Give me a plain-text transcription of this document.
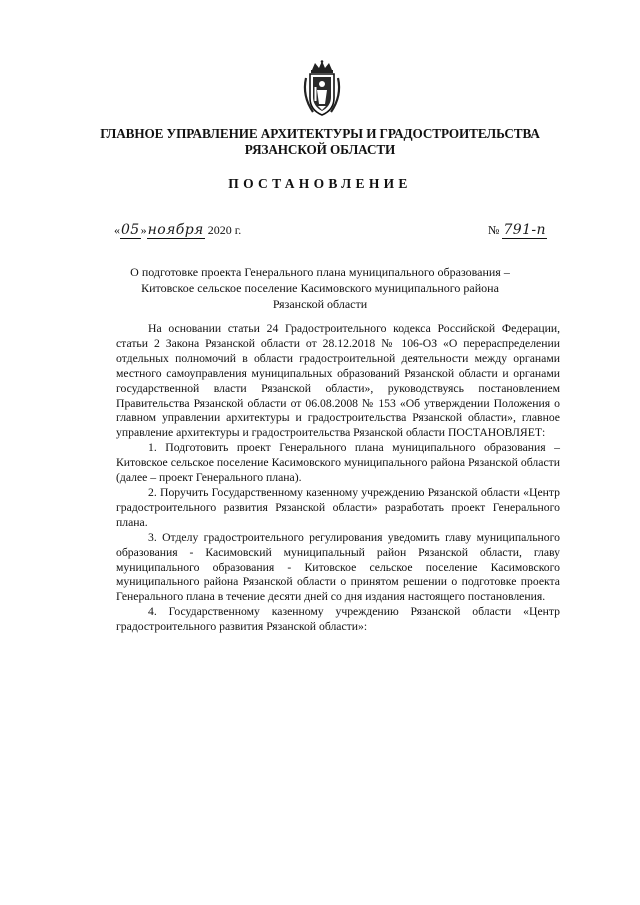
ГЛАВНОЕ УПРАВЛЕНИЕ АРХИТЕКТУРЫ И ГРАДОСТРОИТЕЛЬСТВА
РЯЗАНСКОЙ ОБЛАСТИ
ПОСТАНОВЛЕНИЕ
«05»ноября 2020 г.	№ 791-п
О подготовке проекта Генерального плана муниципального образования –
Китовское сельское поселение Касимовского муниципального района
Рязанской области

На основании статьи 24 Градостроительного кодекса Российской Федерации, статьи 2 Закона Рязанской области от 28.12.2018 № 106-ОЗ «О перераспределении отдельных полномочий в области градостроительной деятельности между органами местного самоуправления муниципальных образований Рязанской области и органами государственной власти Рязанской области», руководствуясь постановлением Правительства Рязанской области от 06.08.2008 № 153 «Об утверждении Положения о главном управлении архитектуры и градостроительства Рязанской области», главное управление архитектуры и градостроительства Рязанской области ПОСТАНОВЛЯЕТ:

1. Подготовить проект Генерального плана муниципального образования – Китовское сельское поселение Касимовского муниципального района Рязанской области (далее – проект Генерального плана).

2. Поручить Государственному казенному учреждению Рязанской области «Центр градостроительного развития Рязанской области» разработать проект Генерального плана.

3. Отделу градостроительного регулирования уведомить главу муниципального образования - Касимовский муниципальный район Рязанской области, главу муниципального образования - Китовское сельское поселение Касимовского муниципального района Рязанской области о принятом решении о подготовке проекта Генерального плана в течение десяти дней со дня издания настоящего постановления.

4. Государственному казенному учреждению Рязанской области «Центр градостроительного развития Рязанской области»:
